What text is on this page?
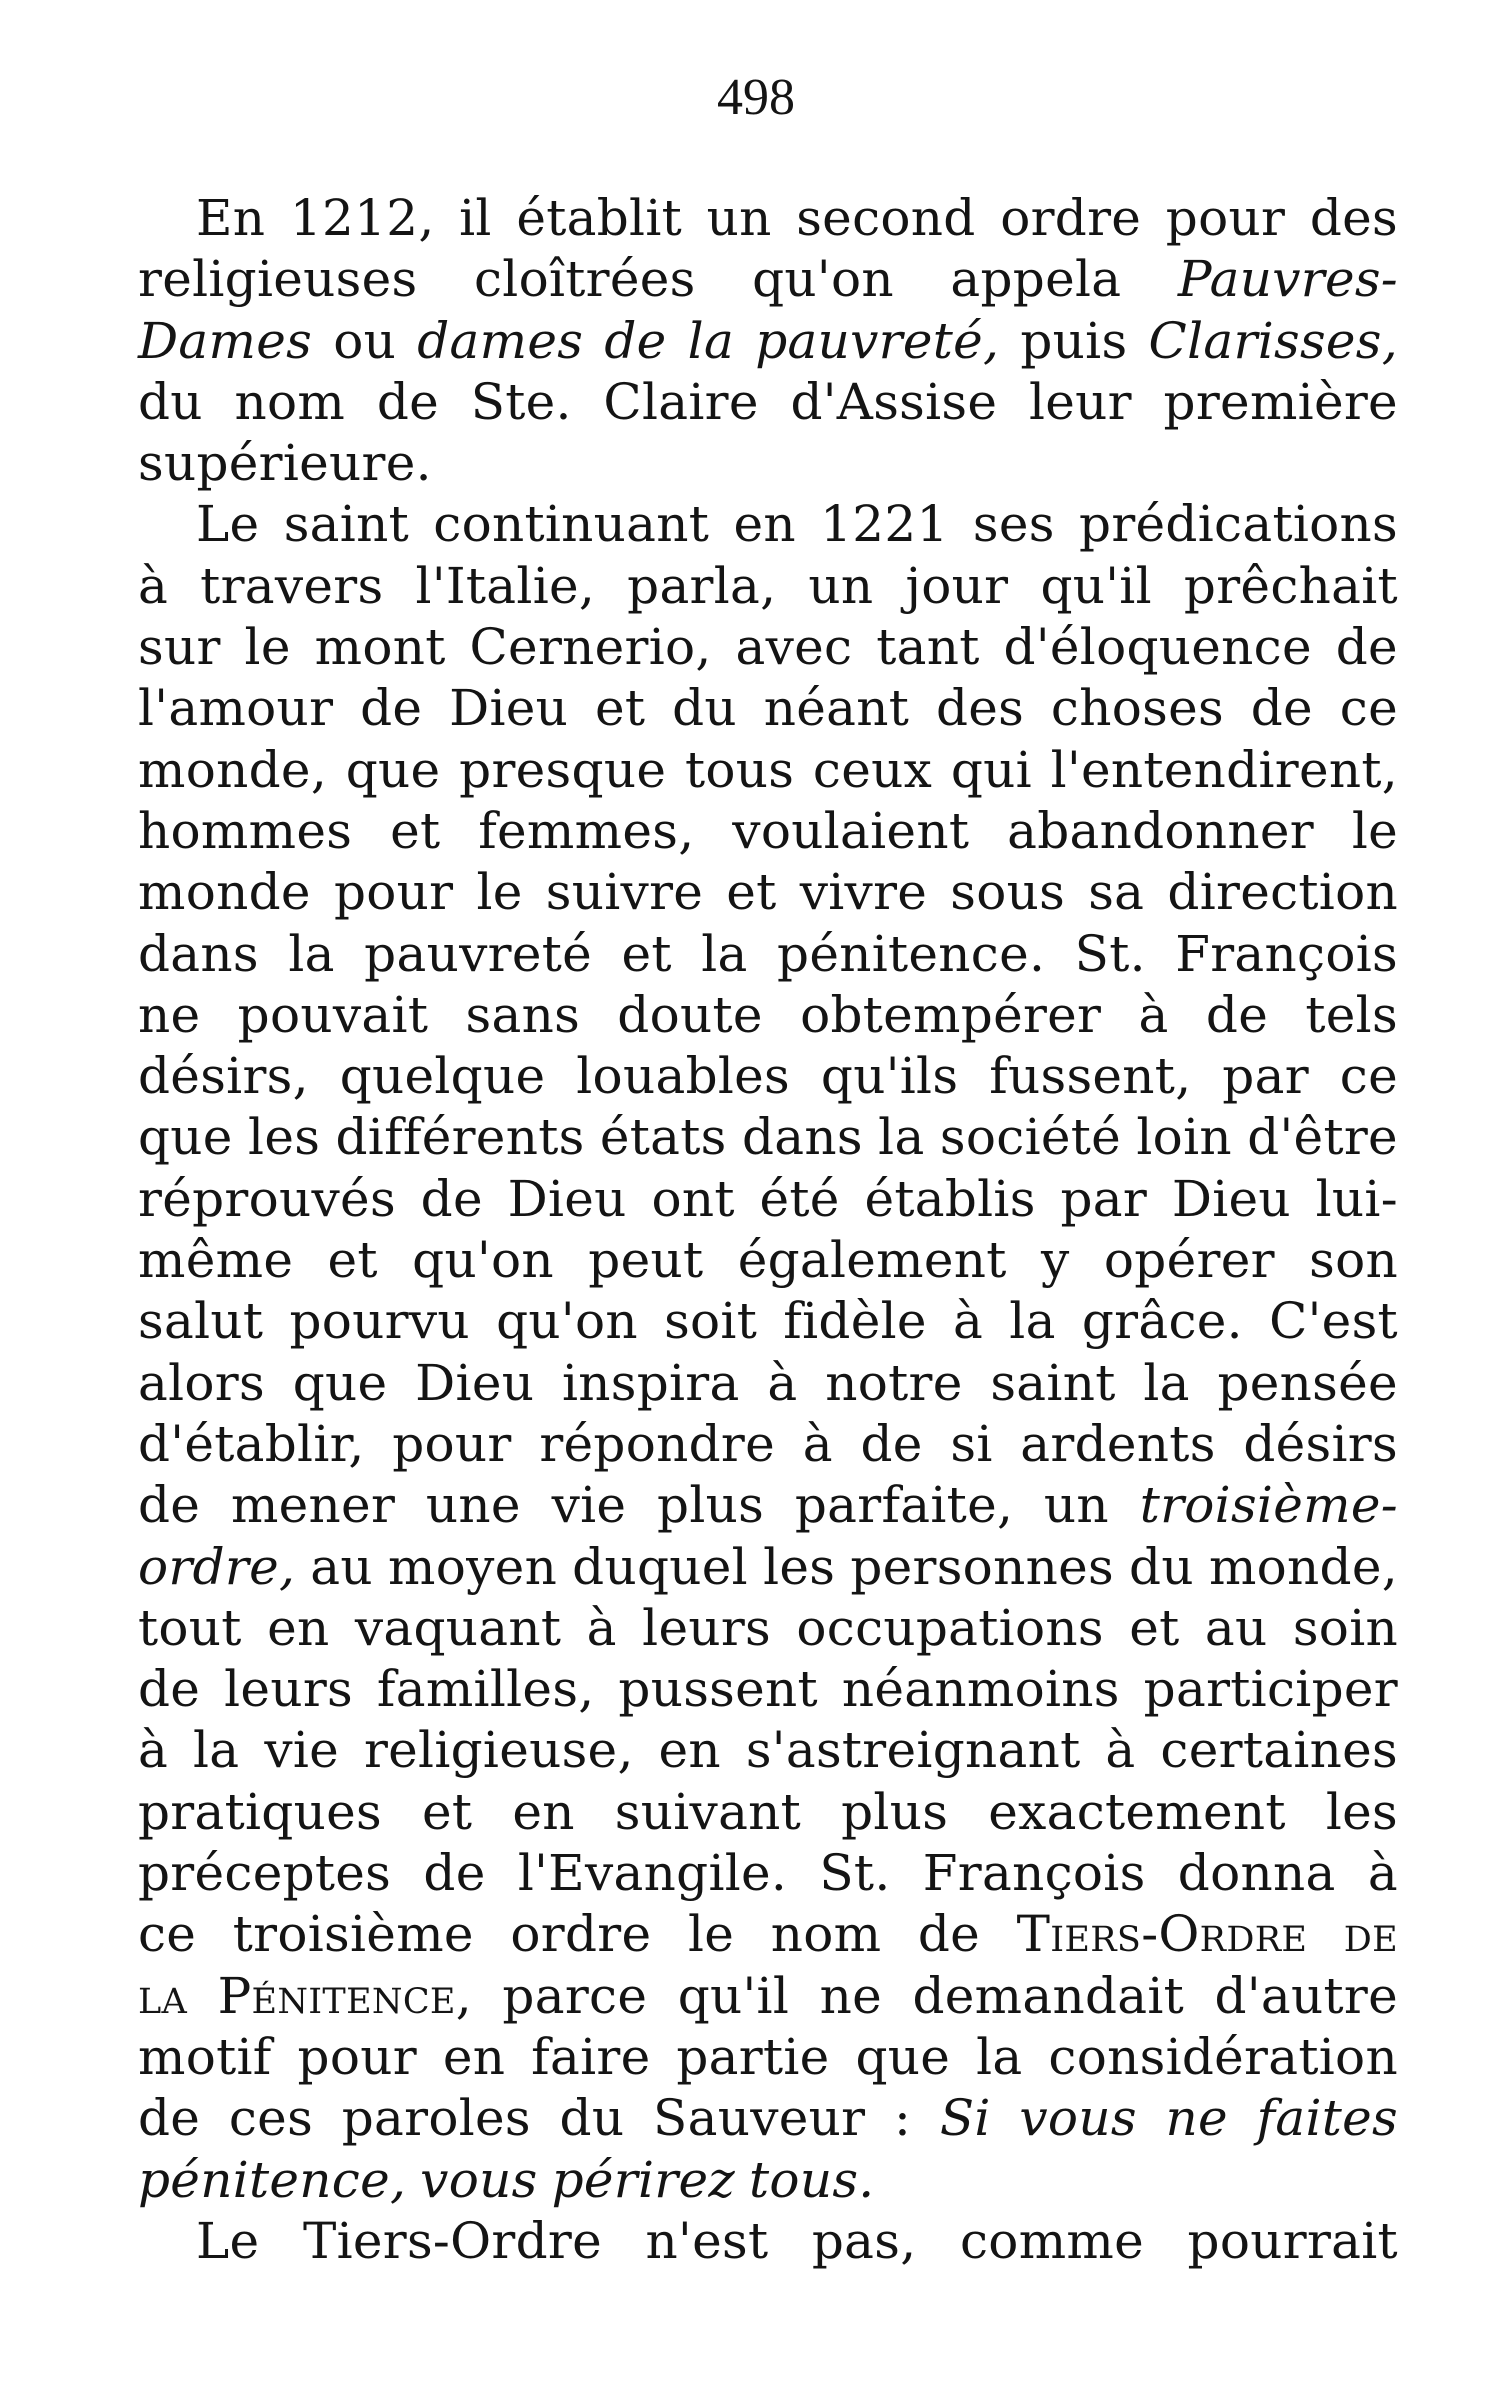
498
En 1212, il établit un second ordre pour des
religieuses cloîtrées qu'on appela Pauvres-
Dames ou dames de la pauvreté, puis Clarisses,
du nom de Ste. Claire d'Assise leur première
supérieure.
Le saint continuant en 1221 ses prédications
à travers l'Italie, parla, un jour qu'il prêchait
sur le mont Cernerio, avec tant d'éloquence de
l'amour de Dieu et du néant des choses de ce
monde, que presque tous ceux qui l'entendirent,
hommes et femmes, voulaient abandonner le
monde pour le suivre et vivre sous sa direction
dans la pauvreté et la pénitence. St. François
ne pouvait sans doute obtempérer à de tels
désirs, quelque louables qu'ils fussent, par ce
que les différents états dans la société loin d'être
réprouvés de Dieu ont été établis par Dieu lui-
même et qu'on peut également y opérer son
salut pourvu qu'on soit fidèle à la grâce. C'est
alors que Dieu inspira à notre saint la pensée
d'établir, pour répondre à de si ardents désirs
de mener une vie plus parfaite, un troisième-
ordre, au moyen duquel les personnes du monde,
tout en vaquant à leurs occupations et au soin
de leurs familles, pussent néanmoins participer
à la vie religieuse, en s'astreignant à certaines
pratiques et en suivant plus exactement les
préceptes de l'Evangile. St. François donna à
ce troisième ordre le nom de Tiers-Ordre de
la Pénitence, parce qu'il ne demandait d'autre
motif pour en faire partie que la considération
de ces paroles du Sauveur : Si vous ne faites
pénitence, vous périrez tous.
Le Tiers-Ordre n'est pas, comme pourrait
